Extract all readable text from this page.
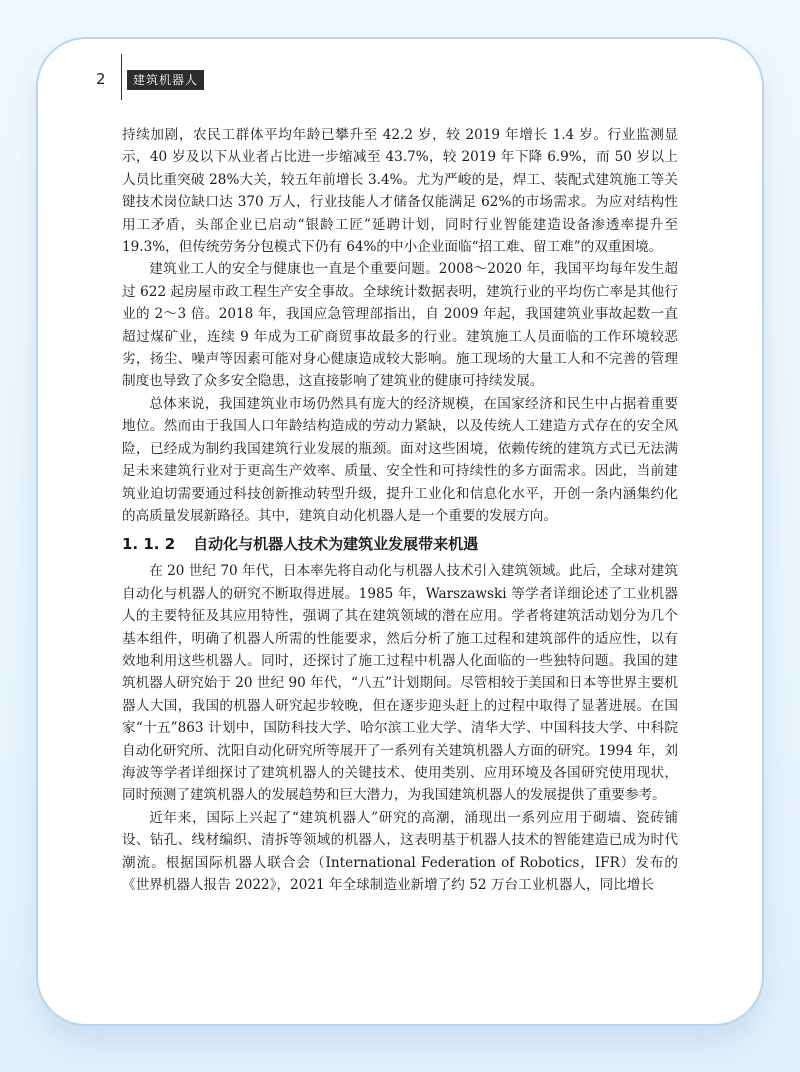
2	建筑机器人

持续加剧，农民工群体平均年龄已攀升至 42.2 岁，较 2019 年增长 1.4 岁。行业监测显示，40 岁及以下从业者占比进一步缩减至 43.7%，较 2019 年下降 6.9%，而 50 岁以上人员比重突破 28%大关，较五年前增长 3.4%。尤为严峻的是，焊工、装配式建筑施工等关键技术岗位缺口达 370 万人，行业技能人才储备仅能满足 62%的市场需求。为应对结构性用工矛盾，头部企业已启动“银龄工匠”延聘计划，同时行业智能建造设备渗透率提升至 19.3%，但传统劳务分包模式下仍有 64%的中小企业面临“招工难、留工难”的双重困境。

建筑业工人的安全与健康也一直是个重要问题。2008～2020 年，我国平均每年发生超过 622 起房屋市政工程生产安全事故。全球统计数据表明，建筑行业的平均伤亡率是其他行业的 2～3 倍。2018 年，我国应急管理部指出，自 2009 年起，我国建筑业事故起数一直超过煤矿业，连续 9 年成为工矿商贸事故最多的行业。建筑施工人员面临的工作环境较恶劣，扬尘、噪声等因素可能对身心健康造成较大影响。施工现场的大量工人和不完善的管理制度也导致了众多安全隐患，这直接影响了建筑业的健康可持续发展。

总体来说，我国建筑业市场仍然具有庞大的经济规模，在国家经济和民生中占据着重要地位。然而由于我国人口年龄结构造成的劳动力紧缺，以及传统人工建造方式存在的安全风险，已经成为制约我国建筑行业发展的瓶颈。面对这些困境，依赖传统的建筑方式已无法满足未来建筑行业对于更高生产效率、质量、安全性和可持续性的多方面需求。因此，当前建筑业迫切需要通过科技创新推动转型升级，提升工业化和信息化水平，开创一条内涵集约化的高质量发展新路径。其中，建筑自动化机器人是一个重要的发展方向。

1. 1. 2 自动化与机器人技术为建筑业发展带来机遇

在 20 世纪 70 年代，日本率先将自动化与机器人技术引入建筑领域。此后，全球对建筑自动化与机器人的研究不断取得进展。1985 年，Warszawski 等学者详细论述了工业机器人的主要特征及其应用特性，强调了其在建筑领域的潜在应用。学者将建筑活动划分为几个基本组件，明确了机器人所需的性能要求，然后分析了施工过程和建筑部件的适应性，以有效地利用这些机器人。同时，还探讨了施工过程中机器人化面临的一些独特问题。我国的建筑机器人研究始于 20 世纪 90 年代，“八五”计划期间。尽管相较于美国和日本等世界主要机器人大国，我国的机器人研究起步较晚，但在逐步迎头赶上的过程中取得了显著进展。在国家“十五”863 计划中，国防科技大学、哈尔滨工业大学、清华大学、中国科技大学、中科院自动化研究所、沈阳自动化研究所等展开了一系列有关建筑机器人方面的研究。1994 年，刘海波等学者详细探讨了建筑机器人的关键技术、使用类别、应用环境及各国研究使用现状，同时预测了建筑机器人的发展趋势和巨大潜力，为我国建筑机器人的发展提供了重要参考。

近年来，国际上兴起了“建筑机器人”研究的高潮，涌现出一系列应用于砌墙、瓷砖铺设、钻孔、线材编织、清拆等领域的机器人，这表明基于机器人技术的智能建造已成为时代潮流。根据国际机器人联合会（International Federation of Robotics，IFR）发布的《世界机器人报告 2022》，2021 年全球制造业新增了约 52 万台工业机器人，同比增长
